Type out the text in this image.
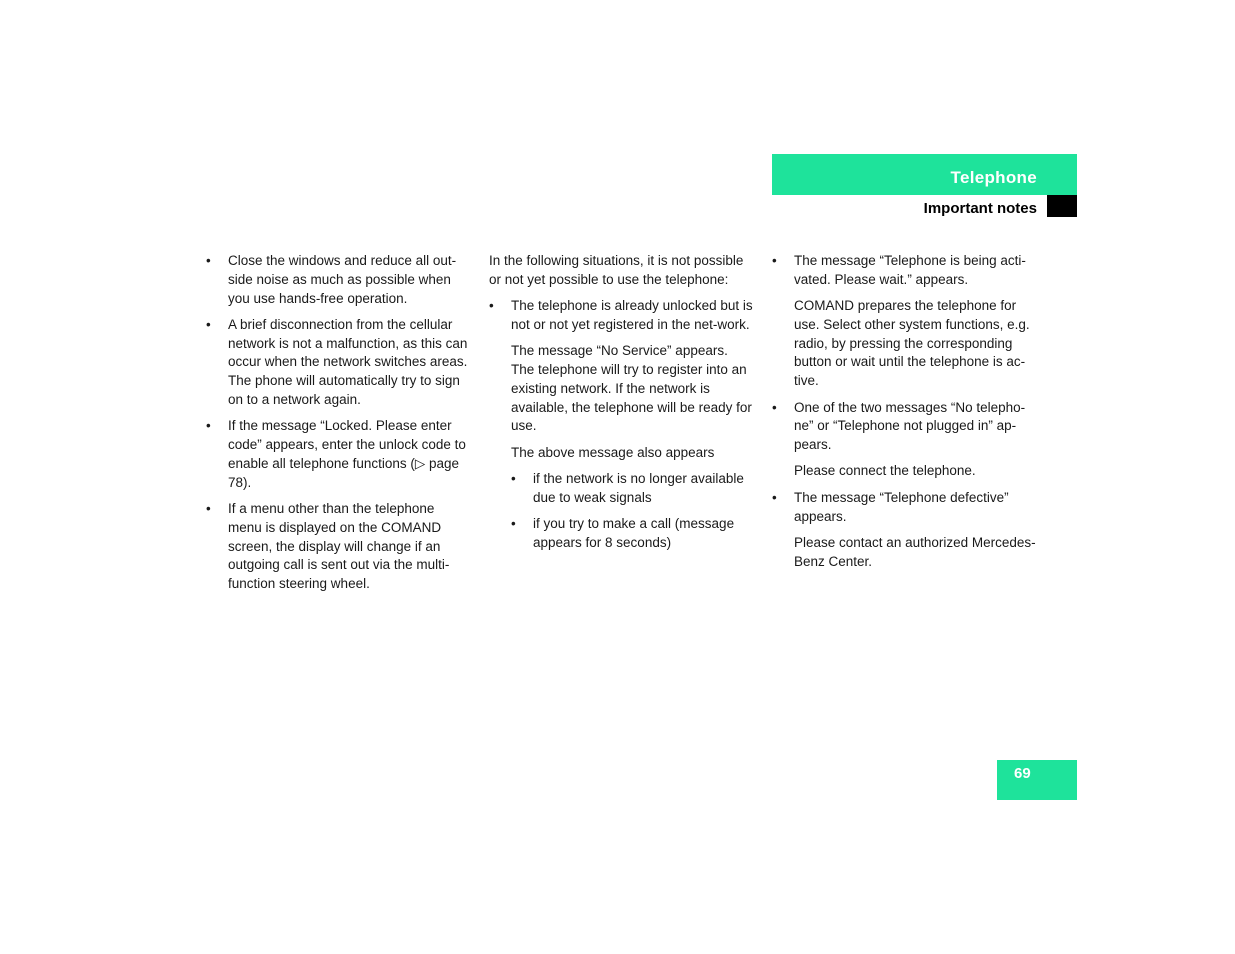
Telephone
Important notes
•	Close the windows and reduce all out-side noise as much as possible when you use hands-free operation.
•	A brief disconnection from the cellular network is not a malfunction, as this can occur when the network switches areas. The phone will automatically try to sign on to a network again.
•	If the message “Locked. Please enter code” appears, enter the unlock code to enable all telephone functions (▷ page 78).
•	If a menu other than the telephone menu is displayed on the COMAND screen, the display will change if an outgoing call is sent out via the multi-function steering wheel.

In the following situations, it is not possible or not yet possible to use the telephone:

•	The telephone is already unlocked but is not or not yet registered in the net-work.

The message “No Service” appears. The telephone will try to register into an existing network. If the network is available, the telephone will be ready for use.

The above message also appears

•	if the network is no longer available due to weak signals
•	if you try to make a call (message appears for 8 seconds)
•	The message “Telephone is being acti-vated. Please wait.” appears.

COMAND prepares the telephone for use. Select other system functions, e.g. radio, by pressing the corresponding button or wait until the telephone is ac-tive.

•	One of the two messages “No telepho-ne” or “Telephone not plugged in” ap-pears.

Please connect the telephone.

•	The message “Telephone defective” appears.

Please contact an authorized Mercedes-Benz Center.

69
